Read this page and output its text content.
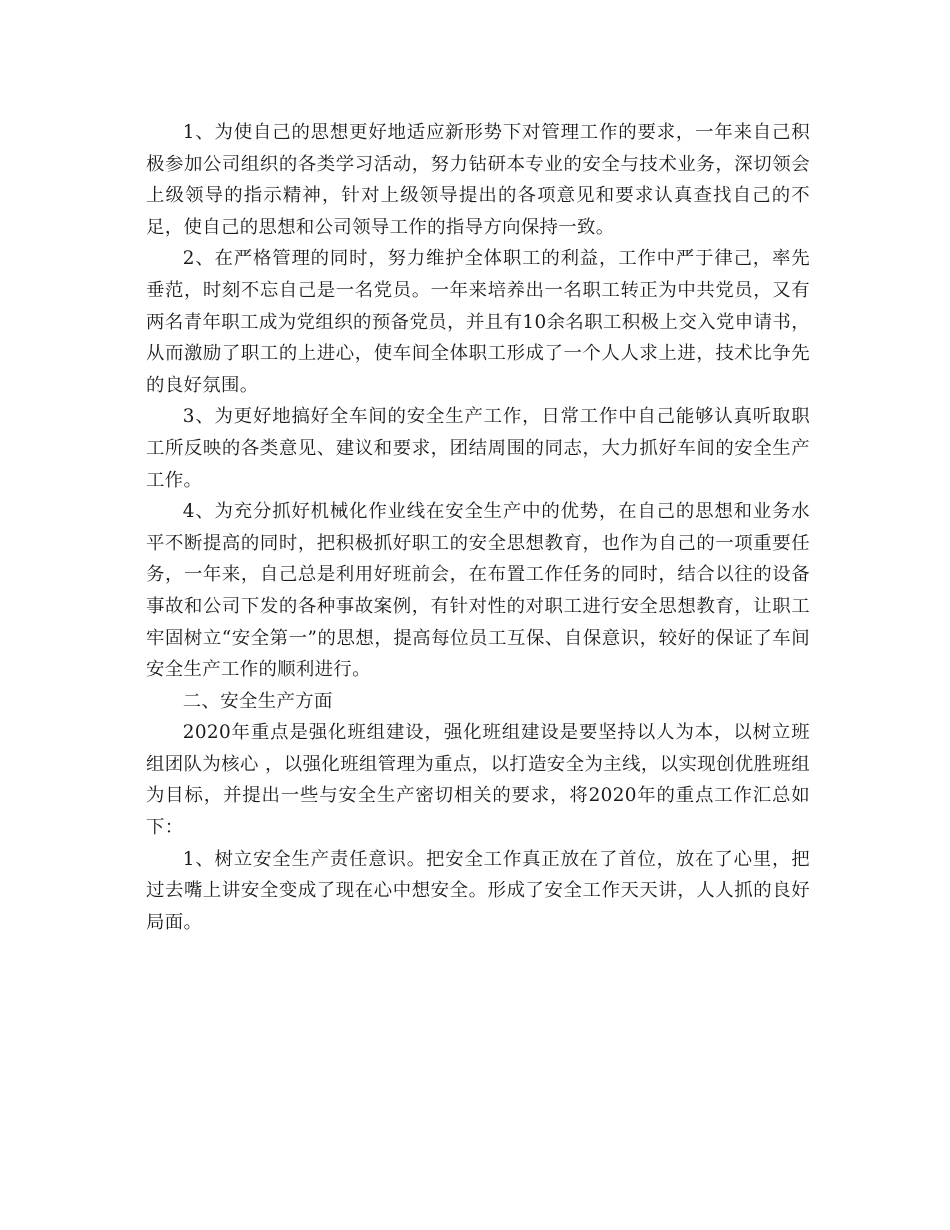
1、为使自己的思想更好地适应新形势下对管理工作的要求，一年来自己积极参加公司组织的各类学习活动，努力钻研本专业的安全与技术业务，深切领会上级领导的指示精神，针对上级领导提出的各项意见和要求认真查找自己的不足，使自己的思想和公司领导工作的指导方向保持一致。

2、在严格管理的同时，努力维护全体职工的利益，工作中严于律己，率先垂范，时刻不忘自己是一名党员。一年来培养出一名职工转正为中共党员，又有两名青年职工成为党组织的预备党员，并且有10余名职工积极上交入党申请书，从而激励了职工的上进心，使车间全体职工形成了一个人人求上进，技术比争先的良好氛围。

3、为更好地搞好全车间的安全生产工作，日常工作中自己能够认真听取职工所反映的各类意见、建议和要求，团结周围的同志，大力抓好车间的安全生产工作。

4、为充分抓好机械化作业线在安全生产中的优势，在自己的思想和业务水平不断提高的同时，把积极抓好职工的安全思想教育，也作为自己的一项重要任务，一年来，自己总是利用好班前会，在布置工作任务的同时，结合以往的设备事故和公司下发的各种事故案例，有针对性的对职工进行安全思想教育，让职工牢固树立“安全第一”的思想，提高每位员工互保、自保意识，较好的保证了车间安全生产工作的顺利进行。

二、安全生产方面

2020年重点是强化班组建设，强化班组建设是要坚持以人为本，以树立班组团队为核心 ，以强化班组管理为重点，以打造安全为主线，以实现创优胜班组为目标，并提出一些与安全生产密切相关的要求，将2020年的重点工作汇总如下：

1、树立安全生产责任意识。把安全工作真正放在了首位，放在了心里，把过去嘴上讲安全变成了现在心中想安全。形成了安全工作天天讲，人人抓的良好局面。
